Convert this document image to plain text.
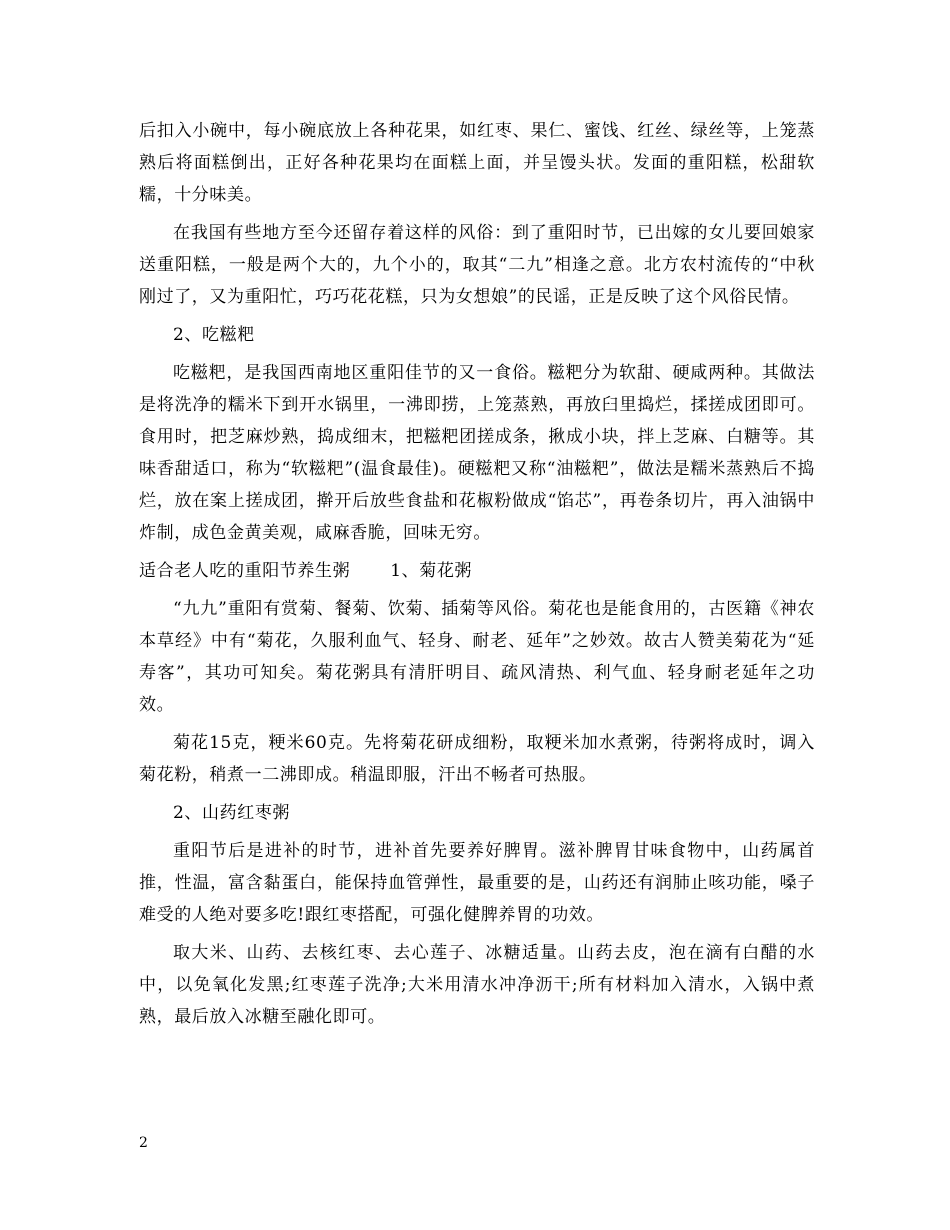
后扣入小碗中，每小碗底放上各种花果，如红枣、果仁、蜜饯、红丝、绿丝等，上笼蒸熟后将面糕倒出，正好各种花果均在面糕上面，并呈馒头状。发面的重阳糕，松甜软糯，十分味美。

在我国有些地方至今还留存着这样的风俗：到了重阳时节，已出嫁的女儿要回娘家送重阳糕，一般是两个大的，九个小的，取其“二九”相逢之意。北方农村流传的“中秋刚过了，又为重阳忙，巧巧花花糕，只为女想娘”的民谣，正是反映了这个风俗民情。

2、吃糍粑

吃糍粑，是我国西南地区重阳佳节的又一食俗。糍粑分为软甜、硬咸两种。其做法是将洗净的糯米下到开水锅里，一沸即捞，上笼蒸熟，再放臼里捣烂，揉搓成团即可。食用时，把芝麻炒熟，捣成细末，把糍粑团搓成条，揪成小块，拌上芝麻、白糖等。其味香甜适口，称为“软糍粑”(温食最佳)。硬糍粑又称“油糍粑”，做法是糯米蒸熟后不捣烂，放在案上搓成团，擀开后放些食盐和花椒粉做成“馅芯”，再卷条切片，再入油锅中炸制，成色金黄美观，咸麻香脆，回味无穷。

适合老人吃的重阳节养生粥 1、菊花粥

“九九”重阳有赏菊、餐菊、饮菊、插菊等风俗。菊花也是能食用的，古医籍《神农本草经》中有“菊花，久服利血气、轻身、耐老、延年”之妙效。故古人赞美菊花为“延寿客”，其功可知矣。菊花粥具有清肝明目、疏风清热、利气血、轻身耐老延年之功效。

菊花15克，粳米60克。先将菊花研成细粉，取粳米加水煮粥，待粥将成时，调入菊花粉，稍煮一二沸即成。稍温即服，汗出不畅者可热服。

2、山药红枣粥

重阳节后是进补的时节，进补首先要养好脾胃。滋补脾胃甘味食物中，山药属首推，性温，富含黏蛋白，能保持血管弹性，最重要的是，山药还有润肺止咳功能，嗓子难受的人绝对要多吃!跟红枣搭配，可强化健脾养胃的功效。

取大米、山药、去核红枣、去心莲子、冰糖适量。山药去皮，泡在滴有白醋的水中，以免氧化发黑;红枣莲子洗净;大米用清水冲净沥干;所有材料加入清水，入锅中煮熟，最后放入冰糖至融化即可。

2
